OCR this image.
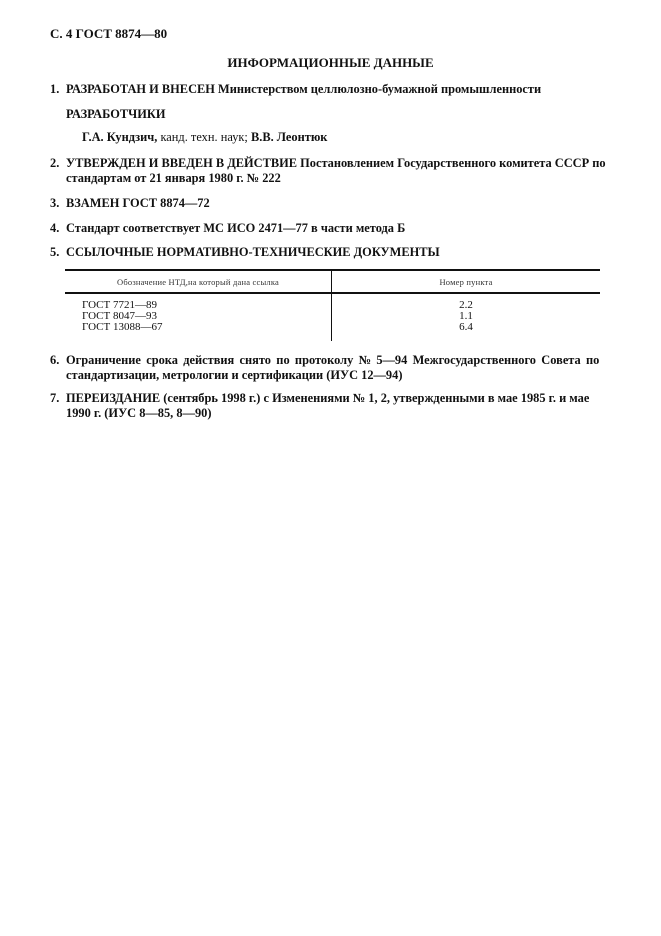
С. 4 ГОСТ 8874—80
ИНФОРМАЦИОННЫЕ ДАННЫЕ
1. РАЗРАБОТАН И ВНЕСЕН Министерством целлюлозно-бумажной промышленности
РАЗРАБОТЧИКИ
Г.А. Кундзич, канд. техн. наук; В.В. Леонтюк
2. УТВЕРЖДЕН И ВВЕДЕН В ДЕЙСТВИЕ Постановлением Государственного комитета СССР по
стандартам от 21 января 1980 г. № 222
3. ВЗАМЕН ГОСТ 8874—72
4. Стандарт соответствует МС ИСО 2471—77 в части метода Б
5. ССЫЛОЧНЫЕ НОРМАТИВНО-ТЕХНИЧЕСКИЕ ДОКУМЕНТЫ
Обозначение НТД,на который дана ссылка	Номер пункта
ГОСТ 7721—89
ГОСТ 8047—93
ГОСТ 13088—67
2.2
1.1
6.4
6. Ограничение срока действия снято по протоколу № 5—94 Межгосударственного Совета по
стандартизации, метрологии и сертификации (ИУС 12—94)
7. ПЕРЕИЗДАНИЕ (сентябрь 1998 г.) с Изменениями № 1, 2, утвержденными в мае 1985 г. и мае
1990 г. (ИУС 8—85, 8—90)
